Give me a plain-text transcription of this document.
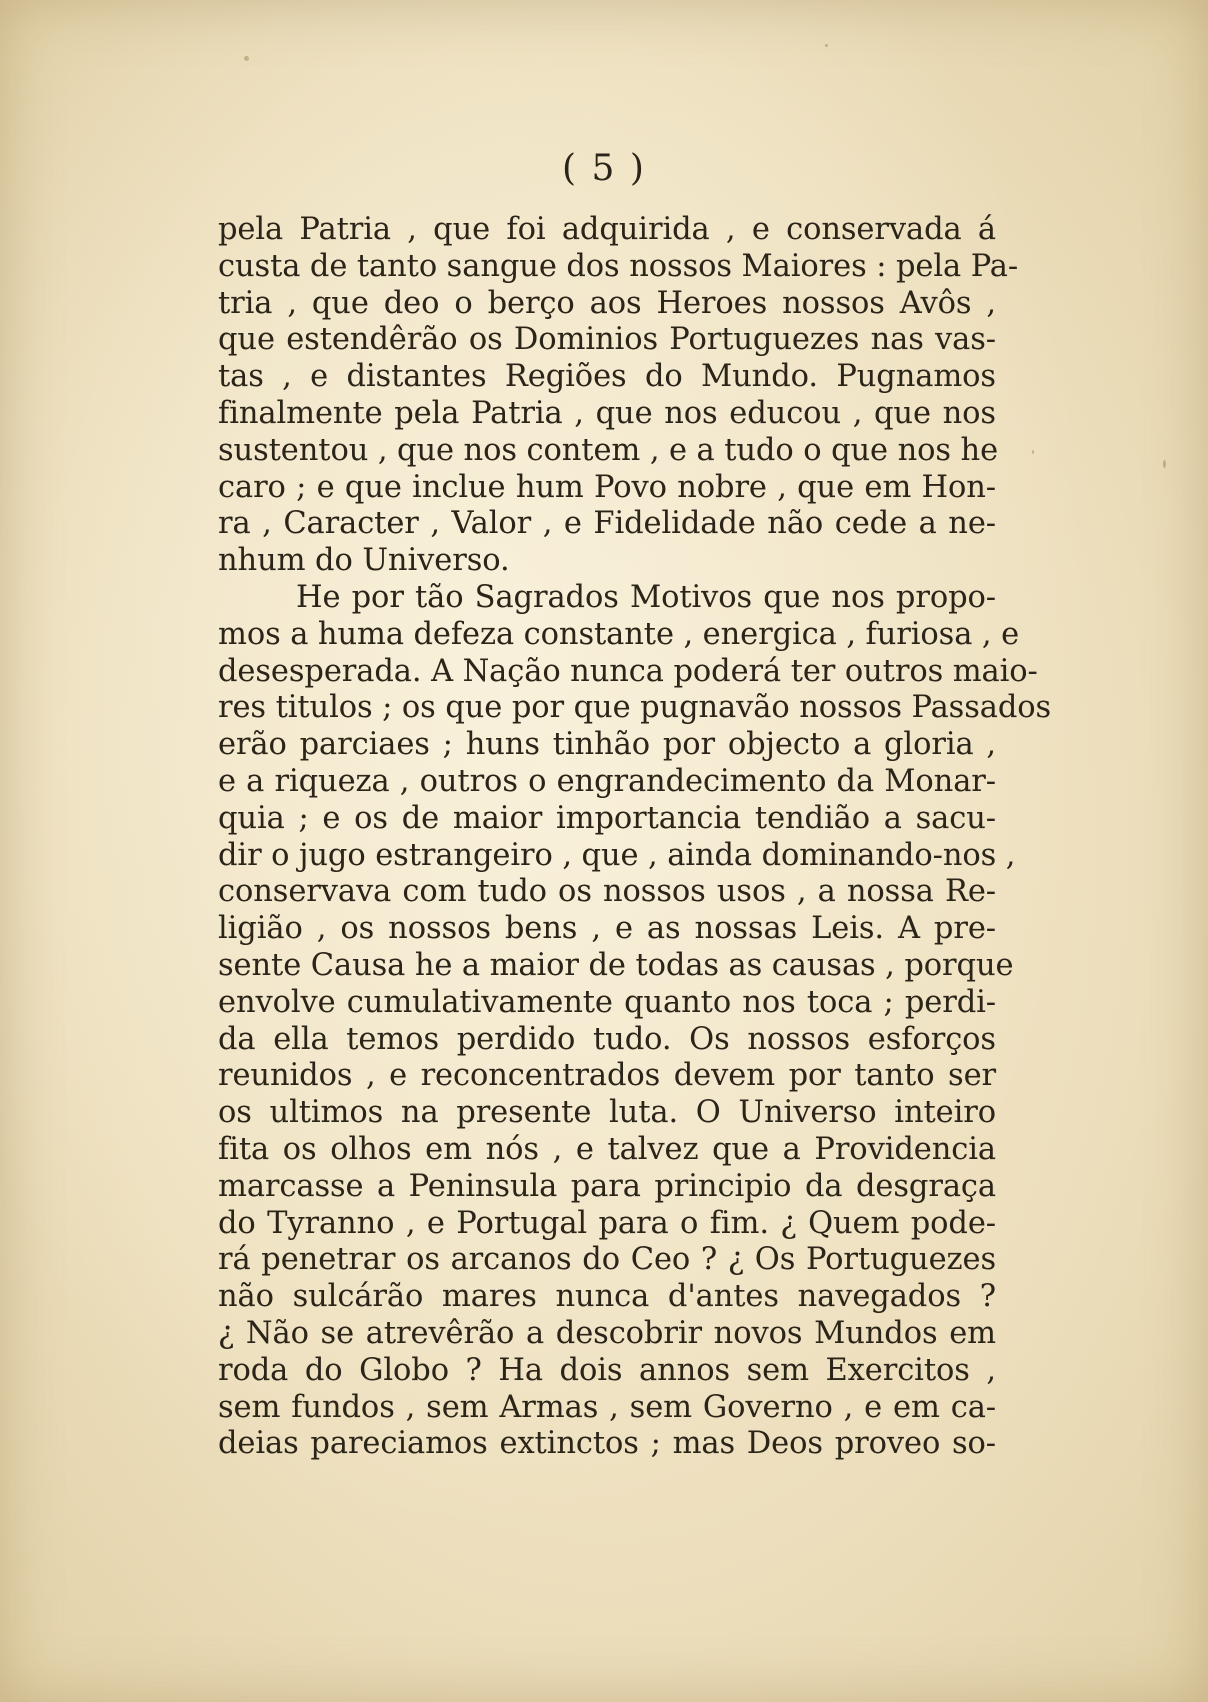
( 5 )
pela Patria , que foi adquirida , e conservada á
custa de tanto sangue dos nossos Maiores : pela Pa-
tria , que deo o berço aos Heroes nossos Avôs ,
que estendêrão os Dominios Portuguezes nas vas-
tas , e distantes Regiões do Mundo. Pugnamos
finalmente pela Patria , que nos educou , que nos
sustentou , que nos contem , e a tudo o que nos he
caro ; e que inclue hum Povo nobre , que em Hon-
ra , Caracter , Valor , e Fidelidade não cede a ne-
nhum do Universo.
He por tão Sagrados Motivos que nos propo-
mos a huma defeza constante , energica , furiosa , e
desesperada. A Nação nunca poderá ter outros maio-
res titulos ; os que por que pugnavão nossos Passados
erão parciaes ; huns tinhão por objecto a gloria ,
e a riqueza , outros o engrandecimento da Monar-
quia ; e os de maior importancia tendião a sacu-
dir o jugo estrangeiro , que , ainda dominando-nos ,
conservava com tudo os nossos usos , a nossa Re-
ligião , os nossos bens , e as nossas Leis. A pre-
sente Causa he a maior de todas as causas , porque
envolve cumulativamente quanto nos toca ; perdi-
da ella temos perdido tudo. Os nossos esforços
reunidos , e reconcentrados devem por tanto ser
os ultimos na presente luta. O Universo inteiro
fita os olhos em nós , e talvez que a Providencia
marcasse a Peninsula para principio da desgraça
do Tyranno , e Portugal para o fim. ¿ Quem pode-
rá penetrar os arcanos do Ceo ? ¿ Os Portuguezes
não sulcárão mares nunca d'antes navegados ?
¿ Não se atrevêrão a descobrir novos Mundos em
roda do Globo ? Ha dois annos sem Exercitos ,
sem fundos , sem Armas , sem Governo , e em ca-
deias pareciamos extinctos ; mas Deos proveo so-
